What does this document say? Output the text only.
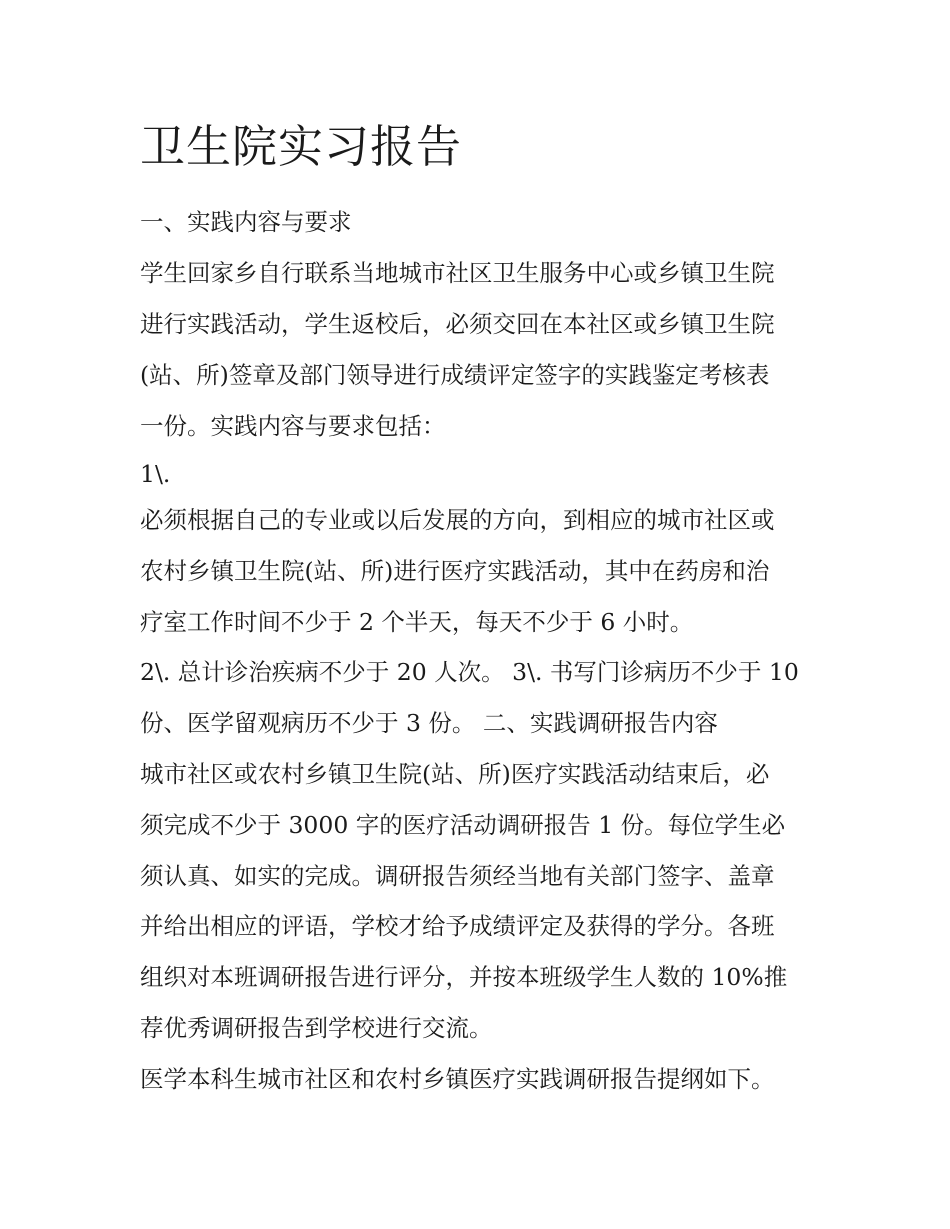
卫生院实习报告

一、实践内容与要求

学生回家乡自行联系当地城市社区卫生服务中心或乡镇卫生院

进行实践活动，学生返校后，必须交回在本社区或乡镇卫生院

(站、所)签章及部门领导进行成绩评定签字的实践鉴定考核表

一份。实践内容与要求包括：

1\.

必须根据自己的专业或以后发展的方向，到相应的城市社区或

农村乡镇卫生院(站、所)进行医疗实践活动，其中在药房和治

疗室工作时间不少于 2 个半天，每天不少于 6 小时。

2\. 总计诊治疾病不少于 20 人次。 3\. 书写门诊病历不少于 10

份、医学留观病历不少于 3 份。 二、实践调研报告内容

城市社区或农村乡镇卫生院(站、所)医疗实践活动结束后，必

须完成不少于 3000 字的医疗活动调研报告 1 份。每位学生必

须认真、如实的完成。调研报告须经当地有关部门签字、盖章

并给出相应的评语，学校才给予成绩评定及获得的学分。各班

组织对本班调研报告进行评分，并按本班级学生人数的 10%推

荐优秀调研报告到学校进行交流。

医学本科生城市社区和农村乡镇医疗实践调研报告提纲如下。
